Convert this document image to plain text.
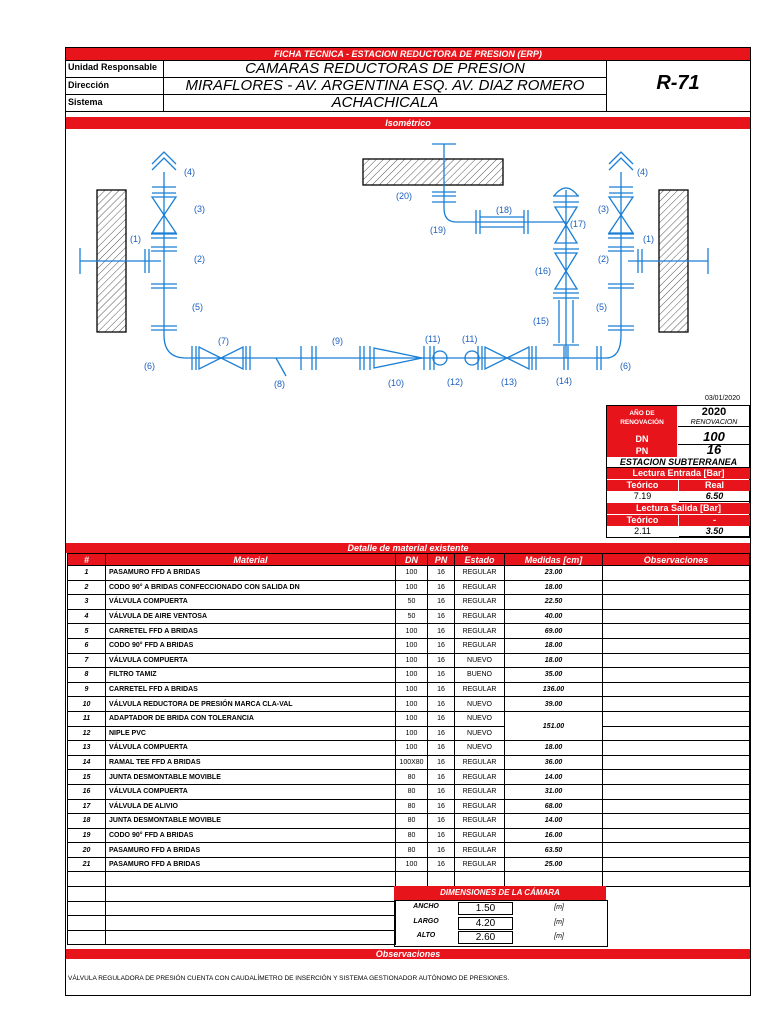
FICHA TECNICA - ESTACION REDUCTORA DE PRESION (ERP)
Unidad Responsable	CAMARAS REDUCTORAS DE PRESION
Dirección	MIRAFLORES - AV. ARGENTINA ESQ. AV. DIAZ ROMERO
Sistema	ACHACHICALA
R-71
Isométrico
(1)
(2)
(3)
(4)
(5)
(6)
(7)
(8)
(9)
(10)
(11) (11)
(12)	(13)	(14)
(15)
(16)
(17)
(18)
(19)
(20)
(4)
(3)
(1)
(2)
(5)
(6)
03/01/2020
AÑO DE RENOVACIÓN
2020
RENOVACION
DN	100
PN	16
ESTACION SUBTERRANEA
Lectura Entrada [Bar]
Teórico	Real
7.19	6.50
Lectura Salida [Bar]
Teórico	-
2.11	3.50
Detalle de material existente
#	Material	DN	PN	Estado	Medidas [cm]	Observaciones
1	PASAMURO FFD A BRIDAS	100	16	REGULAR	23.00	
2	CODO 90° A BRIDAS CONFECCIONADO CON SALIDA DN	100	16	REGULAR	18.00	
3	VÁLVULA COMPUERTA	50	16	REGULAR	22.50	
4	VÁLVULA DE AIRE VENTOSA	50	16	REGULAR	40.00	
5	CARRETEL FFD A BRIDAS	100	16	REGULAR	69.00	
6	CODO 90° FFD A BRIDAS	100	16	REGULAR	18.00	
7	VÁLVULA COMPUERTA	100	16	NUEVO	18.00	
8	FILTRO TAMIZ	100	16	BUENO	35.00	
9	CARRETEL FFD A BRIDAS	100	16	REGULAR	136.00	
10	VÁLVULA REDUCTORA DE PRESIÓN MARCA CLA-VAL	100	16	NUEVO	39.00	
11	ADAPTADOR DE BRIDA CON TOLERANCIA	100	16	NUEVO	151.00	
12	NIPLE PVC	100	16	NUEVO		
13	VÁLVULA COMPUERTA	100	16	NUEVO	18.00	
14	RAMAL TEE FFD A BRIDAS	100X80	16	REGULAR	36.00	
15	JUNTA DESMONTABLE MOVIBLE	80	16	REGULAR	14.00	
16	VÁLVULA COMPUERTA	80	16	REGULAR	31.00	
17	VÁLVULA DE ALIVIO	80	16	REGULAR	68.00	
18	JUNTA DESMONTABLE MOVIBLE	80	16	REGULAR	14.00	
19	CODO 90° FFD A BRIDAS	80	16	REGULAR	16.00	
20	PASAMURO FFD A BRIDAS	80	16	REGULAR	63.50	
21	PASAMURO FFD A BRIDAS	100	16	REGULAR	25.00	

DIMENSIONES DE LA CÁMARA
ANCHO	1.50	[m]
LARGO	4.20	[m]
ALTO	2.60	[m]
Observaciones
VÁLVULA REGULADORA DE PRESIÓN CUENTA CON CAUDALÍMETRO DE INSERCIÓN Y SISTEMA GESTIONADOR AUTÓNOMO DE PRESIONES.
